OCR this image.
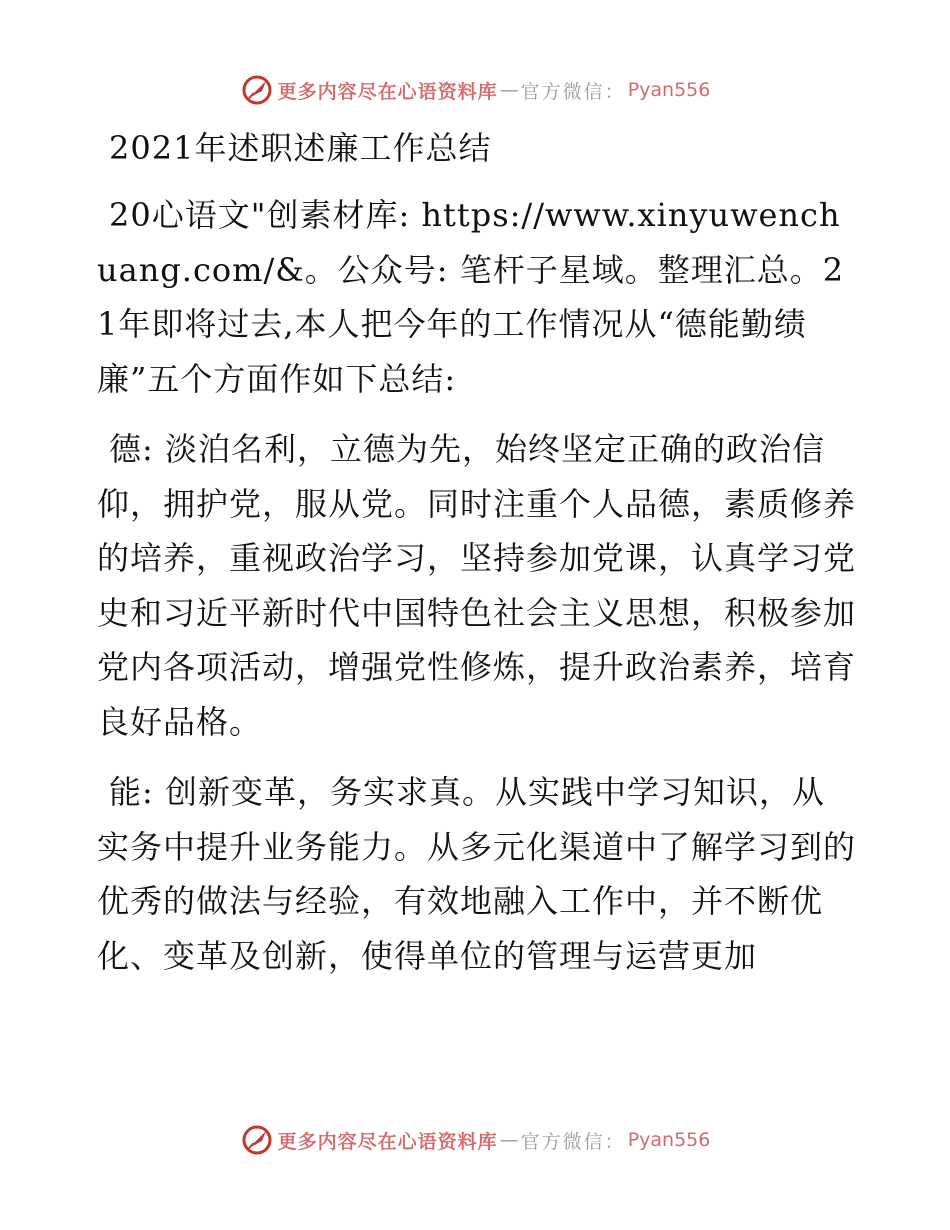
更多内容尽在心语资料库 — 官方微信： Pyan556
2021年述职述廉工作总结

20心语文"创素材库: https://www.xinyuwenchuang.com/&。公众号: 笔杆子星域。整理汇总。21年即将过去,本人把今年的工作情况从“德能勤绩廉”五个方面作如下总结:

德: 淡泊名利，立德为先，始终坚定正确的政治信仰，拥护党，服从党。同时注重个人品德，素质修养的培养，重视政治学习，坚持参加党课，认真学习党史和习近平新时代中国特色社会主义思想，积极参加党内各项活动，增强党性修炼，提升政治素养，培育良好品格。

能: 创新变革，务实求真。从实践中学习知识，从实务中提升业务能力。从多元化渠道中了解学习到的优秀的做法与经验，有效地融入工作中，并不断优化、变革及创新，使得单位的管理与运营更加

更多内容尽在心语资料库 — 官方微信： Pyan556
